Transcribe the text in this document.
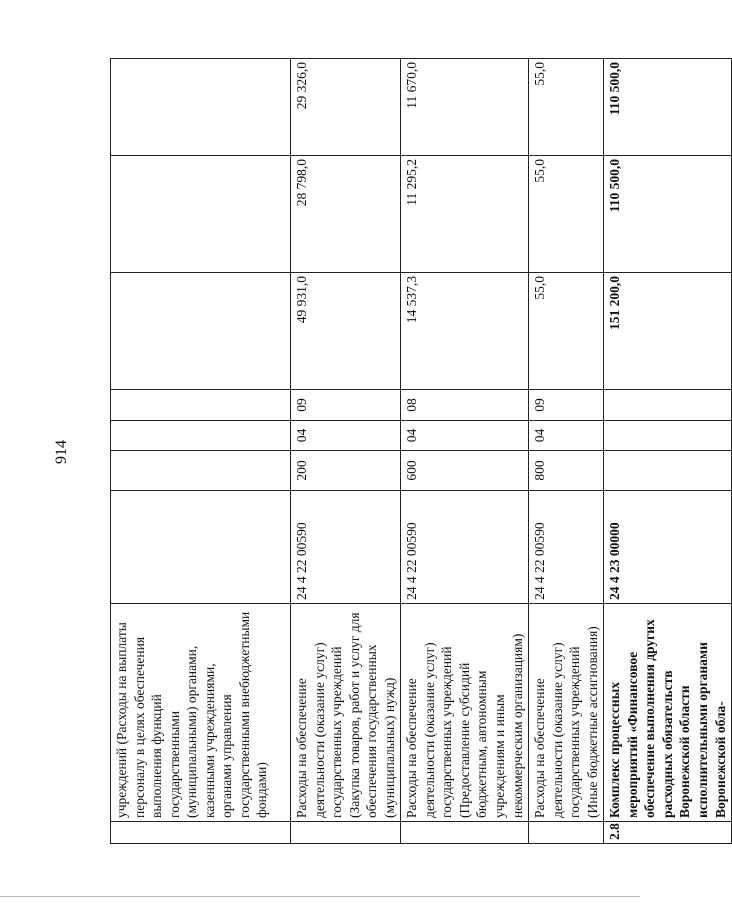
914
	учреждений (Расходы на выплаты персоналу в целях обеспечения выполнения функций государственными (муниципальными) органами, казенными учреждениями, органами управления государственными внебюджетными фондами)							
	Расходы на обеспечение деятельности (оказание услуг) государственных учреждений (Закупка товаров, работ и услуг для обеспечения государственных (муниципальных) нужд)	24 4 22 00590	200	04	09	49 931,0	28 798,0	29 326,0
	Расходы на обеспечение деятельности (оказание услуг) государственных учреждений (Предоставление субсидий бюджетным, автономным учреждениям и иным некоммерческим организациям)	24 4 22 00590	600	04	08	14 537,3	11 295,2	11 670,0
	Расходы на обеспечение деятельности (оказание услуг) государственных учреждений (Иные бюджетные ассигнования)	24 4 22 00590	800	04	09	55,0	55,0	55,0
2.8	Комплекс процессных мероприятий «Финансовое обеспечение выполнения других расходных обязательств Воронежской области исполнительными органами Воронежской обла-	24 4 23 00000				151 200,0	110 500,0	110 500,0
